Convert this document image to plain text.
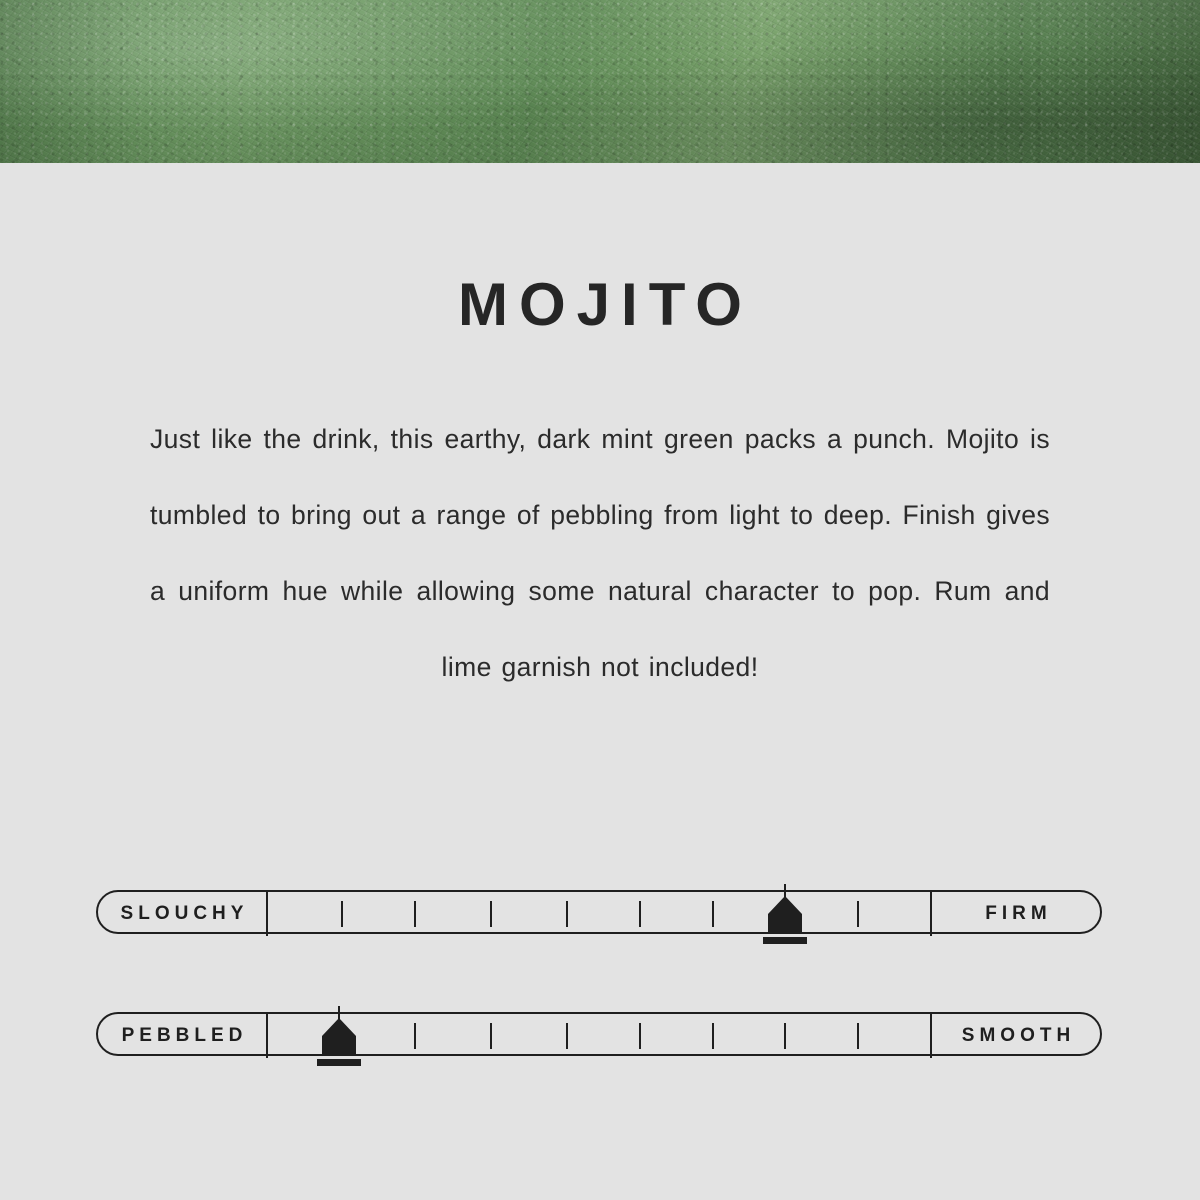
MOJITO

Just like the drink, this earthy, dark mint green packs a punch. Mojito is tumbled to bring out a range of pebbling from light to deep. Finish gives a uniform hue while allowing some natural character to pop. Rum and lime garnish not included!

SLOUCHY	FIRM
PEBBLED	SMOOTH
